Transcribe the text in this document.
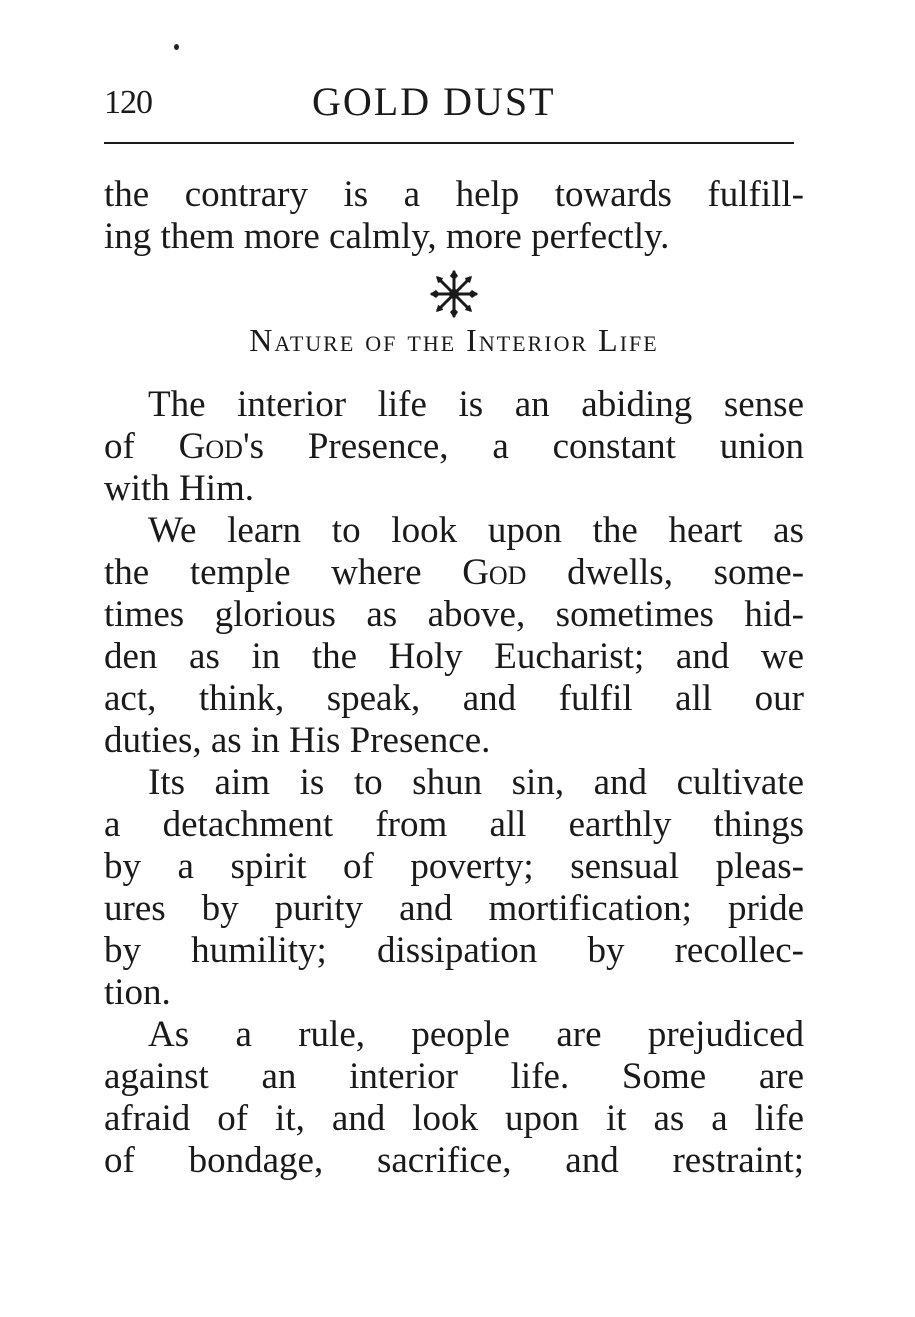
120	GOLD DUST
the contrary is a help towards fulfill-
ing them more calmly, more perfectly.
Nature of the Interior Life
The interior life is an abiding sense
of God's Presence, a constant union
with Him.
We learn to look upon the heart as
the temple where God dwells, some-
times glorious as above, sometimes hid-
den as in the Holy Eucharist; and we
act, think, speak, and fulfil all our
duties, as in His Presence.
Its aim is to shun sin, and cultivate
a detachment from all earthly things
by a spirit of poverty; sensual pleas-
ures by purity and mortification; pride
by humility; dissipation by recollec-
tion.
As a rule, people are prejudiced
against an interior life. Some are
afraid of it, and look upon it as a life
of bondage, sacrifice, and restraint;
